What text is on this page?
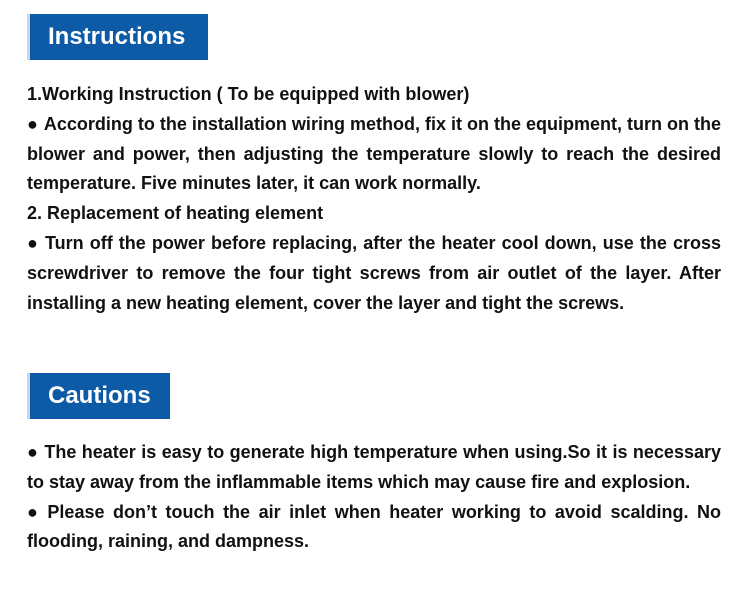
Instructions

1.Working Instruction ( To be equipped with blower)

● According to the installation wiring method, fix it on the equipment, turn on the blower and power, then adjusting the temperature slowly to reach the desired temperature. Five minutes later, it can work normally.

2. Replacement of heating element

● Turn off the power before replacing, after the heater cool down, use the cross screwdriver to remove the four tight screws from air outlet of the layer. After installing a new heating element, cover the layer and tight the screws.

Cautions

● The heater is easy to generate high temperature when using.So it is necessary to stay away from the inflammable items which may cause fire and explosion.

● Please don’t touch the air inlet when heater working to avoid scalding. No flooding, raining, and dampness.
